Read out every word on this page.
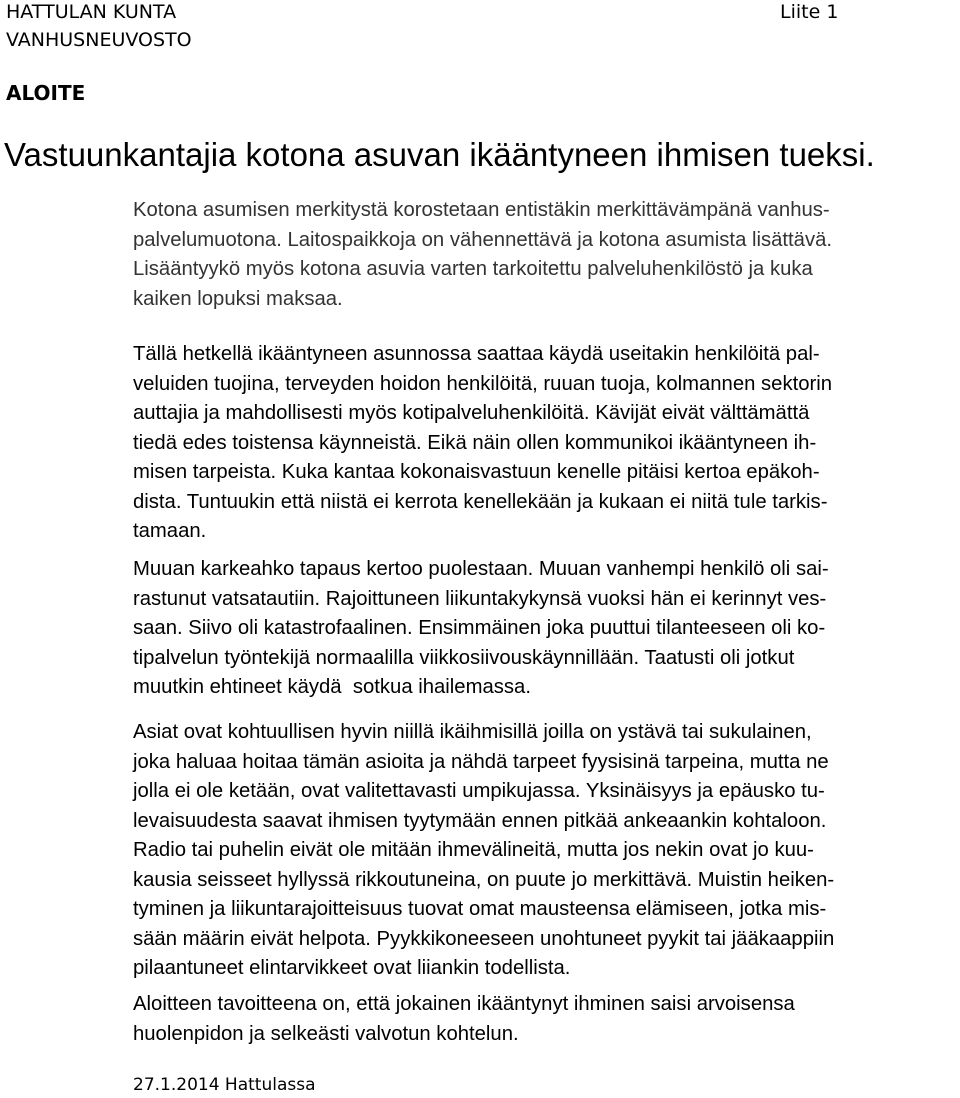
HATTULAN KUNTA
VANHUSNEUVOSTO
Liite 1
ALOITE
Vastuunkantajia kotona asuvan ikääntyneen ihmisen tueksi.
Kotona asumisen merkitystä korostetaan entistäkin merkittävämpänä vanhus-
palvelumuotona. Laitospaikkoja on vähennettävä ja kotona asumista lisättävä.
Lisääntyykö myös kotona asuvia varten tarkoitettu palveluhenkilöstö ja kuka
kaiken lopuksi maksaa.
Tällä hetkellä ikääntyneen asunnossa saattaa käydä useitakin henkilöitä pal-
veluiden tuojina, terveyden hoidon henkilöitä, ruuan tuoja, kolmannen sektorin
auttajia ja mahdollisesti myös kotipalveluhenkilöitä. Kävijät eivät välttämättä
tiedä edes toistensa käynneistä. Eikä näin ollen kommunikoi ikääntyneen ih-
misen tarpeista. Kuka kantaa kokonaisvastuun kenelle pitäisi kertoa epäkoh-
dista. Tuntuukin että niistä ei kerrota kenellekään ja kukaan ei niitä tule tarkis-
tamaan.
Muuan karkeahko tapaus kertoo puolestaan. Muuan vanhempi henkilö oli sai-
rastunut vatsatautiin. Rajoittuneen liikuntakykynsä vuoksi hän ei kerinnyt ves-
saan. Siivo oli katastrofaalinen. Ensimmäinen joka puuttui tilanteeseen oli ko-
tipalvelun työntekijä normaalilla viikkosiivouskäynnillään. Taatusti oli jotkut
muutkin ehtineet käydä  sotkua ihailemassa.
Asiat ovat kohtuullisen hyvin niillä ikäihmisillä joilla on ystävä tai sukulainen,
joka haluaa hoitaa tämän asioita ja nähdä tarpeet fyysisinä tarpeina, mutta ne
jolla ei ole ketään, ovat valitettavasti umpikujassa. Yksinäisyys ja epäusko tu-
levaisuudesta saavat ihmisen tyytymään ennen pitkää ankeaankin kohtaloon.
Radio tai puhelin eivät ole mitään ihmevälineitä, mutta jos nekin ovat jo kuu-
kausia seisseet hyllyssä rikkoutuneina, on puute jo merkittävä. Muistin heiken-
tyminen ja liikuntarajoitteisuus tuovat omat mausteensa elämiseen, jotka mis-
sään määrin eivät helpota. Pyykkikoneeseen unohtuneet pyykit tai jääkaappiin
pilaantuneet elintarvikkeet ovat liiankin todellista.
Aloitteen tavoitteena on, että jokainen ikääntynyt ihminen saisi arvoisensa
huolenpidon ja selkeästi valvotun kohtelun.
27.1.2014 Hattulassa
